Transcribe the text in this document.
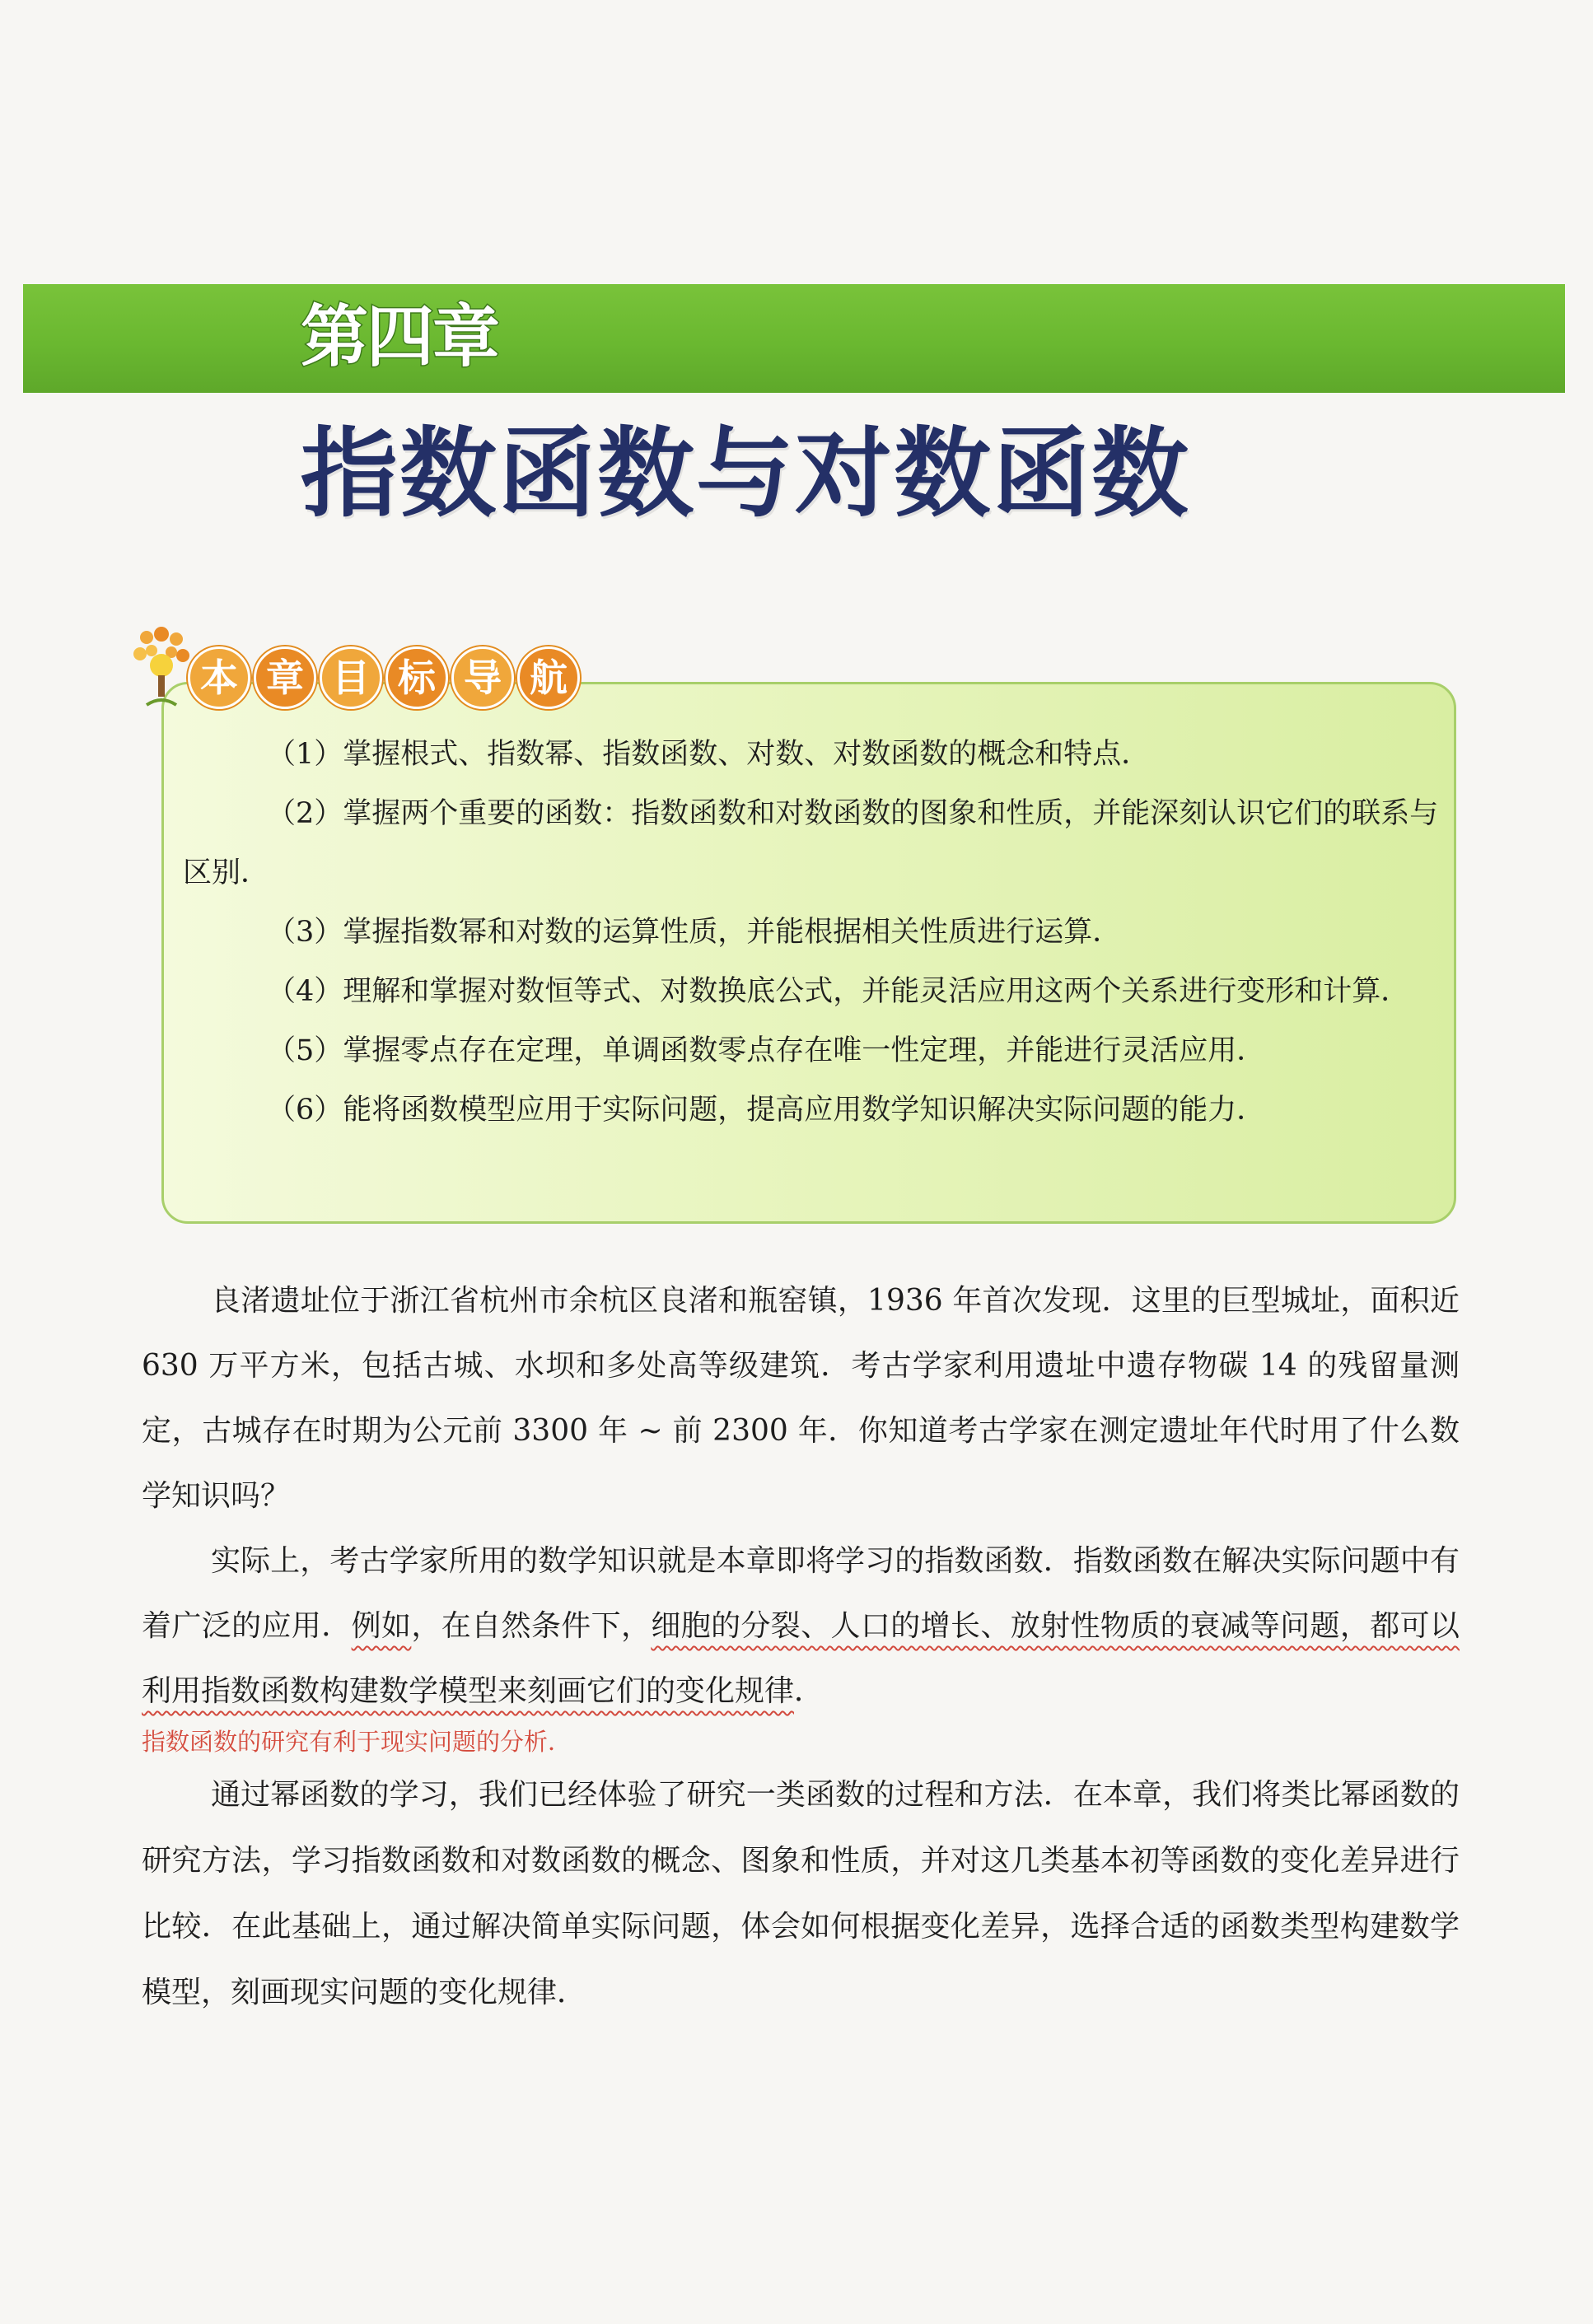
第四章
指数函数与对数函数
本 章 目 标 导 航

（1）掌握根式、指数幂、指数函数、对数、对数函数的概念和特点．

（2）掌握两个重要的函数：指数函数和对数函数的图象和性质，并能深刻认识它们的联系与区别．

（3）掌握指数幂和对数的运算性质，并能根据相关性质进行运算．

（4）理解和掌握对数恒等式、对数换底公式，并能灵活应用这两个关系进行变形和计算．

（5）掌握零点存在定理，单调函数零点存在唯一性定理，并能进行灵活应用．

（6）能将函数模型应用于实际问题，提高应用数学知识解决实际问题的能力．

良渚遗址位于浙江省杭州市余杭区良渚和瓶窑镇，1936 年首次发现．这里的巨型城址，面积近 630 万平方米，包括古城、水坝和多处高等级建筑．考古学家利用遗址中遗存物碳 14 的残留量测定，古城存在时期为公元前 3300 年 ~ 前 2300 年．你知道考古学家在测定遗址年代时用了什么数学知识吗？

实际上，考古学家所用的数学知识就是本章即将学习的指数函数．指数函数在解决实际问题中有着广泛的应用．例如，在自然条件下，细胞的分裂、人口的增长、放射性物质的衰减等问题，都可以利用指数函数构建数学模型来刻画它们的变化规律．

指数函数的研究有利于现实问题的分析．

通过幂函数的学习，我们已经体验了研究一类函数的过程和方法．在本章，我们将类比幂函数的研究方法，学习指数函数和对数函数的概念、图象和性质，并对这几类基本初等函数的变化差异进行比较．在此基础上，通过解决简单实际问题，体会如何根据变化差异，选择合适的函数类型构建数学模型，刻画现实问题的变化规律．
